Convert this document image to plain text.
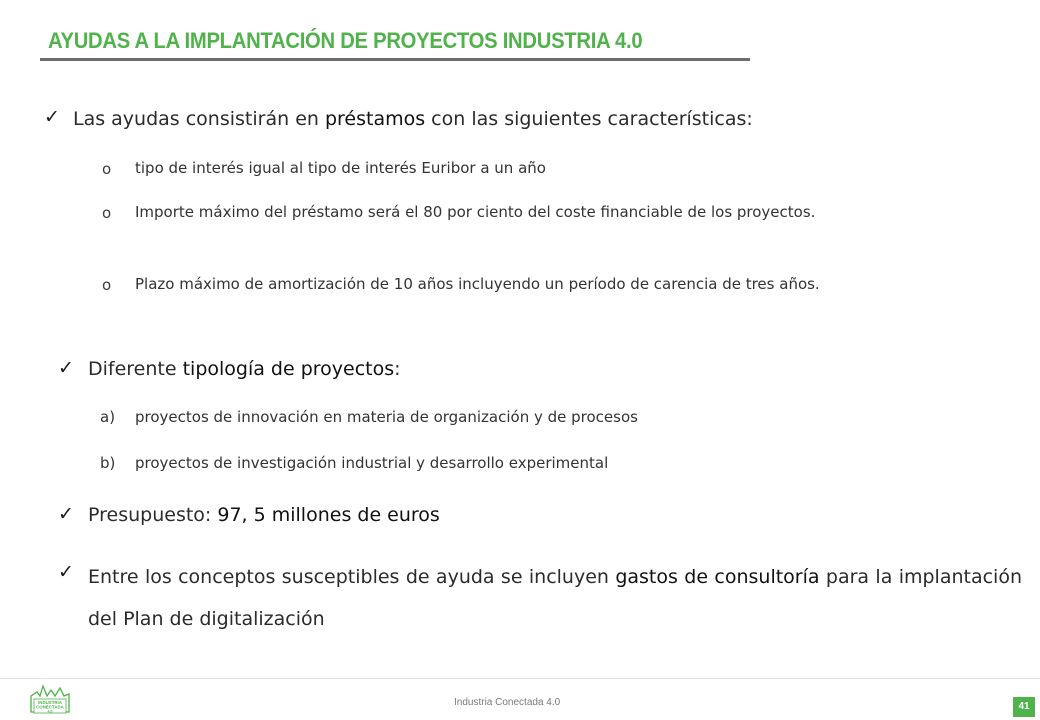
AYUDAS A LA IMPLANTACIÓN DE PROYECTOS INDUSTRIA 4.0
✓ Las ayudas consistirán en préstamos con las siguientes características:
o tipo de interés igual al tipo de interés Euribor a un año
o Importe máximo del préstamo será el 80 por ciento del coste financiable de los proyectos.
o Plazo máximo de amortización de 10 años incluyendo un período de carencia de tres años.
✓ Diferente tipología de proyectos:
a) proyectos de innovación en materia de organización y de procesos
b) proyectos de investigación industrial y desarrollo experimental
✓ Presupuesto: 97, 5 millones de euros
✓ Entre los conceptos susceptibles de ayuda se incluyen gastos de consultoría para la implantación del Plan de digitalización
INDUSTRIA
CONECTADA
4.0
Industria Conectada 4.0	41
